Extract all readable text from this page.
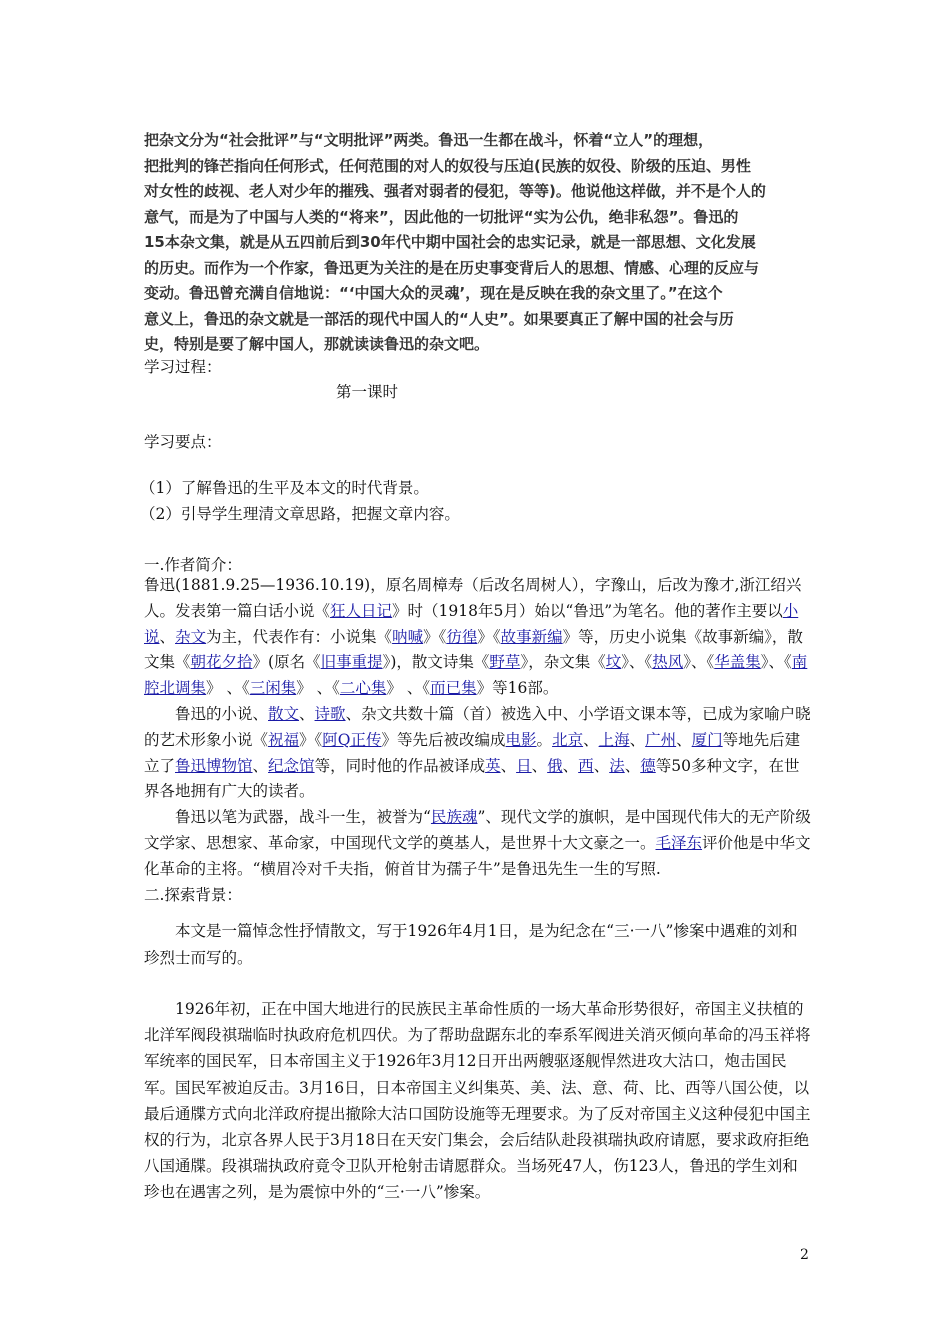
把杂文分为“社会批评”与“文明批评”两类。鲁迅一生都在战斗，怀着“立人”的理想，

把批判的锋芒指向任何形式，任何范围的对人的奴役与压迫(民族的奴役、阶级的压迫、男性

对女性的歧视、老人对少年的摧残、强者对弱者的侵犯，等等)。他说他这样做，并不是个人的

意气，而是为了中国与人类的“将来”，因此他的一切批评“实为公仇，绝非私怨”。鲁迅的

15本杂文集，就是从五四前后到30年代中期中国社会的忠实记录，就是一部思想、文化发展

的历史。而作为一个作家，鲁迅更为关注的是在历史事变背后人的思想、情感、心理的反应与

变动。鲁迅曾充满自信地说：“‘中国大众的灵魂’，现在是反映在我的杂文里了。”在这个

意义上，鲁迅的杂文就是一部活的现代中国人的“人史”。如果要真正了解中国的社会与历

史，特别是要了解中国人，那就读读鲁迅的杂文吧。

学习过程：
第一课时
学习要点：
（1）了解鲁迅的生平及本文的时代背景。
（2）引导学生理清文章思路，把握文章内容。
一.作者简介：

鲁迅(1881.9.25—1936.10.19)，原名周樟寿（后改名周树人），字豫山，后改为豫才,浙江绍兴人。发表第一篇白话小说《狂人日记》时（1918年5月）始以“鲁迅”为笔名。他的著作主要以小说、杂文为主，代表作有：小说集《呐喊》《彷徨》《故事新编》等，历史小说集《故事新编》，散文集《朝花夕拾》(原名《旧事重提》)，散文诗集《野草》，杂文集《坟》、《热风》、《华盖集》、《南腔北调集》 、《三闲集》 、《二心集》 、《而已集》等16部。

鲁迅的小说、散文、诗歌、杂文共数十篇（首）被选入中、小学语文课本等，已成为家喻户晓的艺术形象小说《祝福》《阿Q正传》等先后被改编成电影。北京、上海、广州、厦门等地先后建立了鲁迅博物馆、纪念馆等，同时他的作品被译成英、日、俄、西、法、德等50多种文字，在世界各地拥有广大的读者。

鲁迅以笔为武器，战斗一生，被誉为“民族魂”、现代文学的旗帜，是中国现代伟大的无产阶级文学家、思想家、革命家，中国现代文学的奠基人，是世界十大文豪之一。毛泽东评价他是中华文化革命的主将。“横眉冷对千夫指，俯首甘为孺子牛”是鲁迅先生一生的写照.

二.探索背景：

本文是一篇悼念性抒情散文，写于1926年4月1日，是为纪念在“三·一八”惨案中遇难的刘和珍烈士而写的。

1926年初，正在中国大地进行的民族民主革命性质的一场大革命形势很好，帝国主义扶植的北洋军阀段祺瑞临时执政府危机四伏。为了帮助盘踞东北的奉系军阀进关消灭倾向革命的冯玉祥将军统率的国民军，日本帝国主义于1926年3月12日开出两艘驱逐舰悍然进攻大沽口，炮击国民军。国民军被迫反击。3月16日，日本帝国主义纠集英、美、法、意、荷、比、西等八国公使，以最后通牒方式向北洋政府提出撤除大沽口国防设施等无理要求。为了反对帝国主义这种侵犯中国主权的行为，北京各界人民于3月18日在天安门集会，会后结队赴段祺瑞执政府请愿，要求政府拒绝八国通牒。段祺瑞执政府竟令卫队开枪射击请愿群众。当场死47人，伤123人，鲁迅的学生刘和珍也在遇害之列，是为震惊中外的“三·一八”惨案。

2
